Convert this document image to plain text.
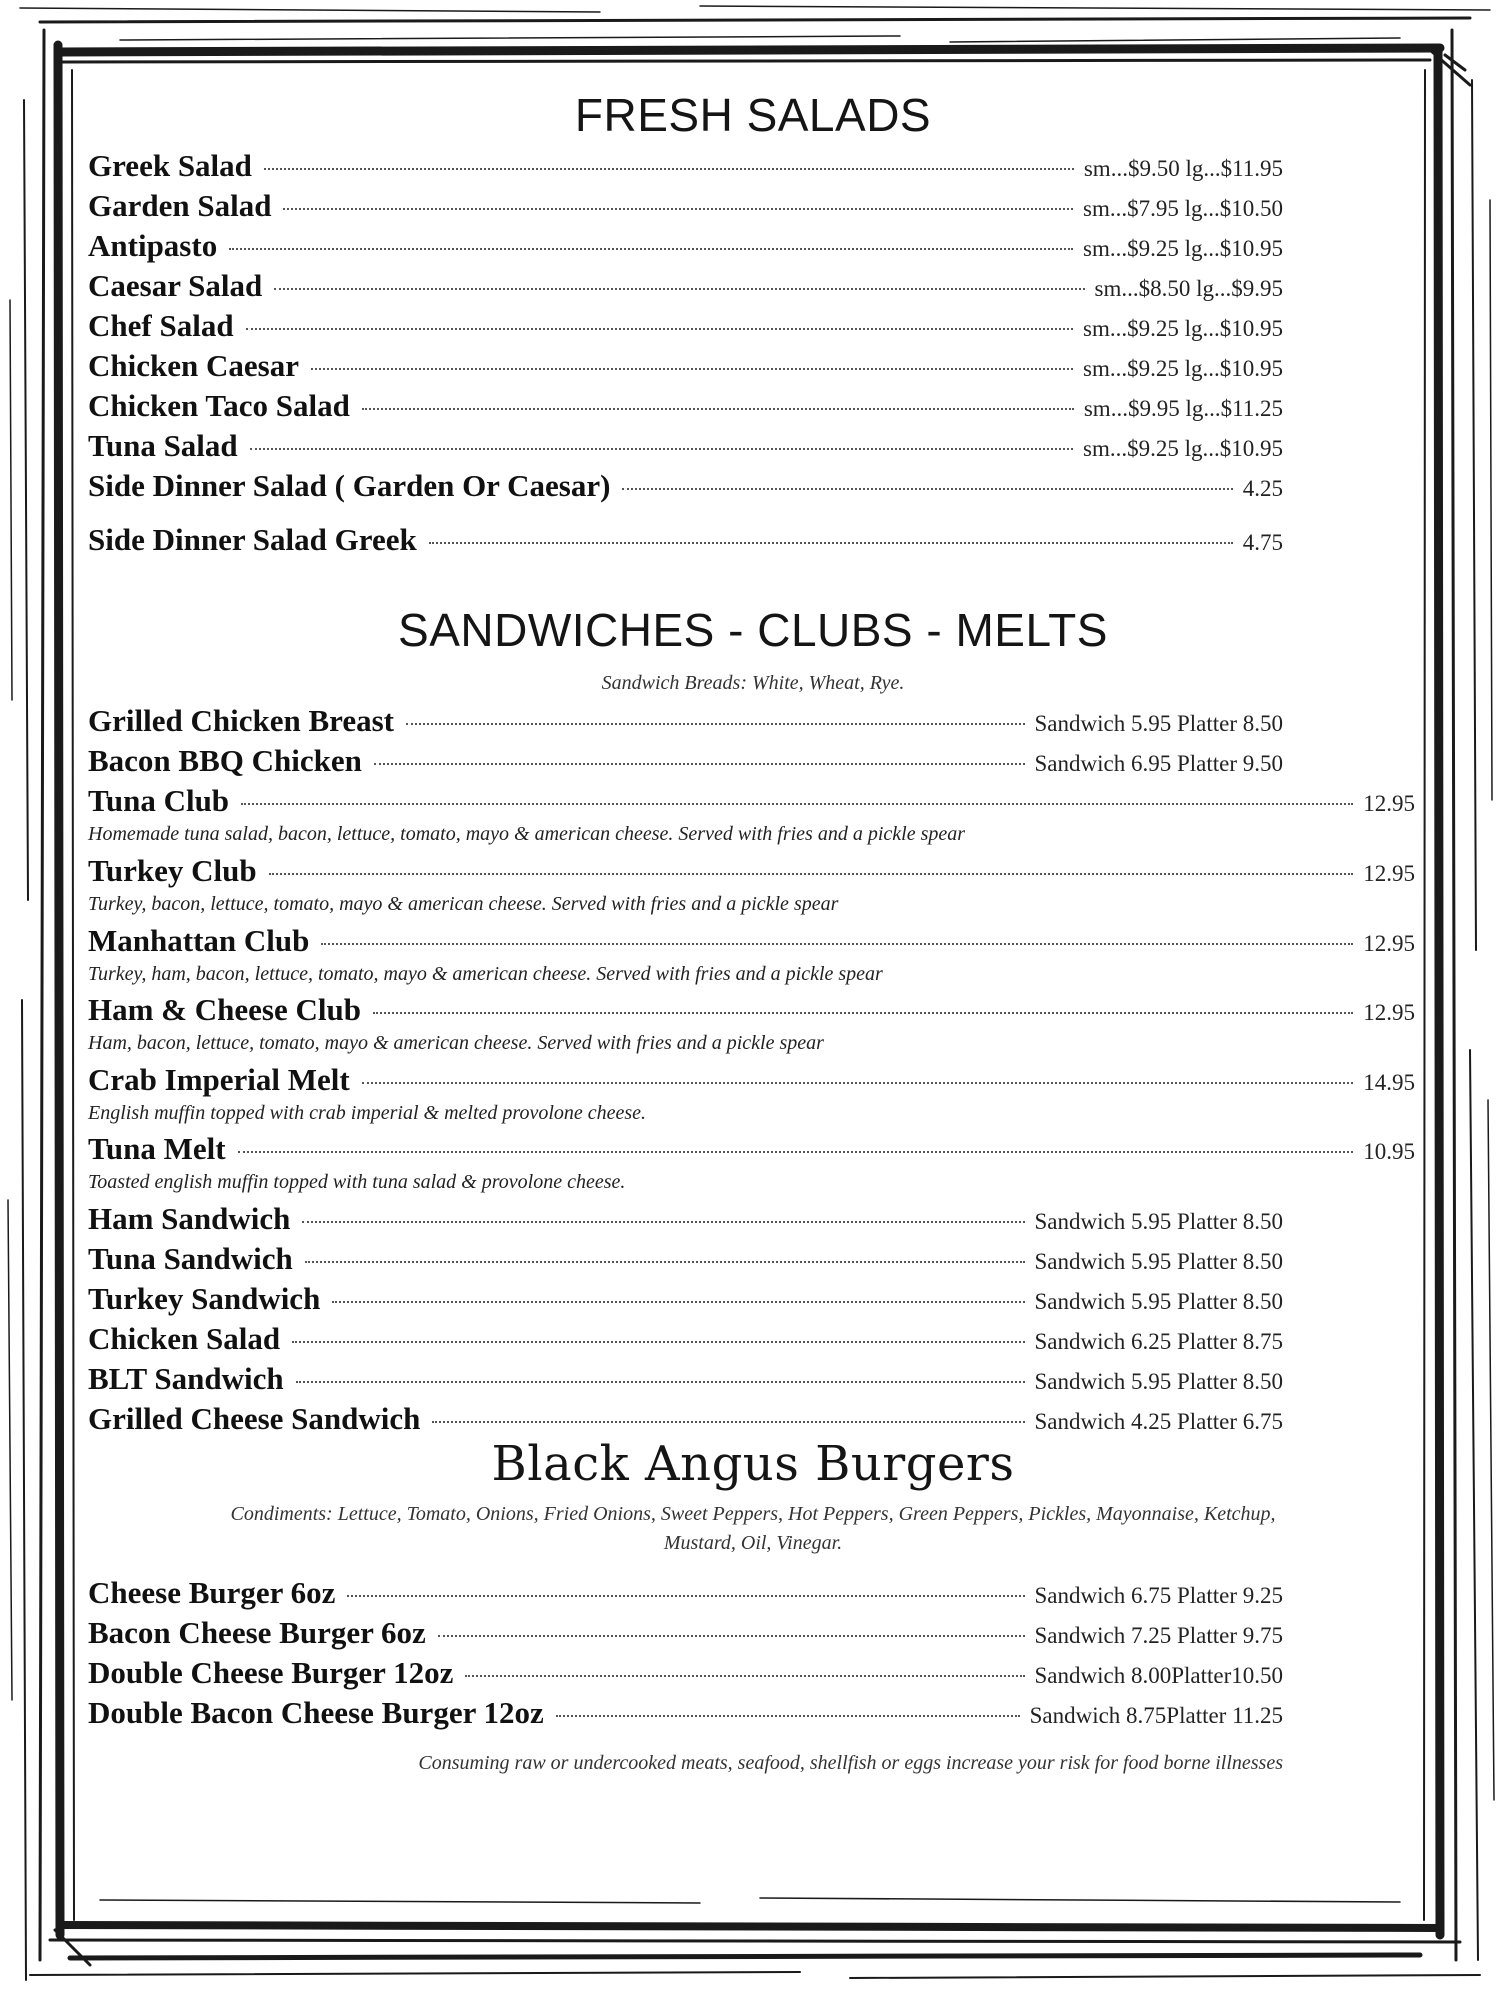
FRESH SALADS
Greek Salad	sm...$9.50 lg...$11.95
Garden Salad	sm...$7.95 lg...$10.50
Antipasto	sm...$9.25 lg...$10.95
Caesar Salad	sm...$8.50 lg...$9.95
Chef Salad	sm...$9.25 lg...$10.95
Chicken Caesar	sm...$9.25 lg...$10.95
Chicken Taco Salad	sm...$9.95 lg...$11.25
Tuna Salad	sm...$9.25 lg...$10.95
Side Dinner Salad ( Garden Or Caesar)	4.25
Side Dinner Salad Greek	4.75
SANDWICHES - CLUBS - MELTS
Sandwich Breads: White, Wheat, Rye.
Grilled Chicken Breast	Sandwich 5.95 Platter 8.50
Bacon BBQ Chicken	Sandwich 6.95 Platter 9.50
Tuna Club	12.95
Homemade tuna salad, bacon, lettuce, tomato, mayo & american cheese. Served with fries and a pickle spear
Turkey Club	12.95
Turkey, bacon, lettuce, tomato, mayo & american cheese. Served with fries and a pickle spear
Manhattan Club	12.95
Turkey, ham, bacon, lettuce, tomato, mayo & american cheese. Served with fries and a pickle spear
Ham & Cheese Club	12.95
Ham, bacon, lettuce, tomato, mayo & american cheese. Served with fries and a pickle spear
Crab Imperial Melt	14.95
English muffin topped with crab imperial & melted provolone cheese.
Tuna Melt	10.95
Toasted english muffin topped with tuna salad & provolone cheese.
Ham Sandwich	Sandwich 5.95 Platter 8.50
Tuna Sandwich	Sandwich 5.95 Platter 8.50
Turkey Sandwich	Sandwich 5.95 Platter 8.50
Chicken Salad	Sandwich 6.25 Platter 8.75
BLT Sandwich	Sandwich 5.95 Platter 8.50
Grilled Cheese Sandwich	Sandwich 4.25 Platter 6.75
Black Angus Burgers
Condiments: Lettuce, Tomato, Onions, Fried Onions, Sweet Peppers, Hot Peppers, Green Peppers, Pickles, Mayonnaise, Ketchup,
Mustard, Oil, Vinegar.
Cheese Burger 6oz	Sandwich 6.75 Platter 9.25
Bacon Cheese Burger 6oz	Sandwich 7.25 Platter 9.75
Double Cheese Burger 12oz	Sandwich 8.00Platter10.50
Double Bacon Cheese Burger 12oz	Sandwich 8.75Platter 11.25
Consuming raw or undercooked meats, seafood, shellfish or eggs increase your risk for food borne illnesses
